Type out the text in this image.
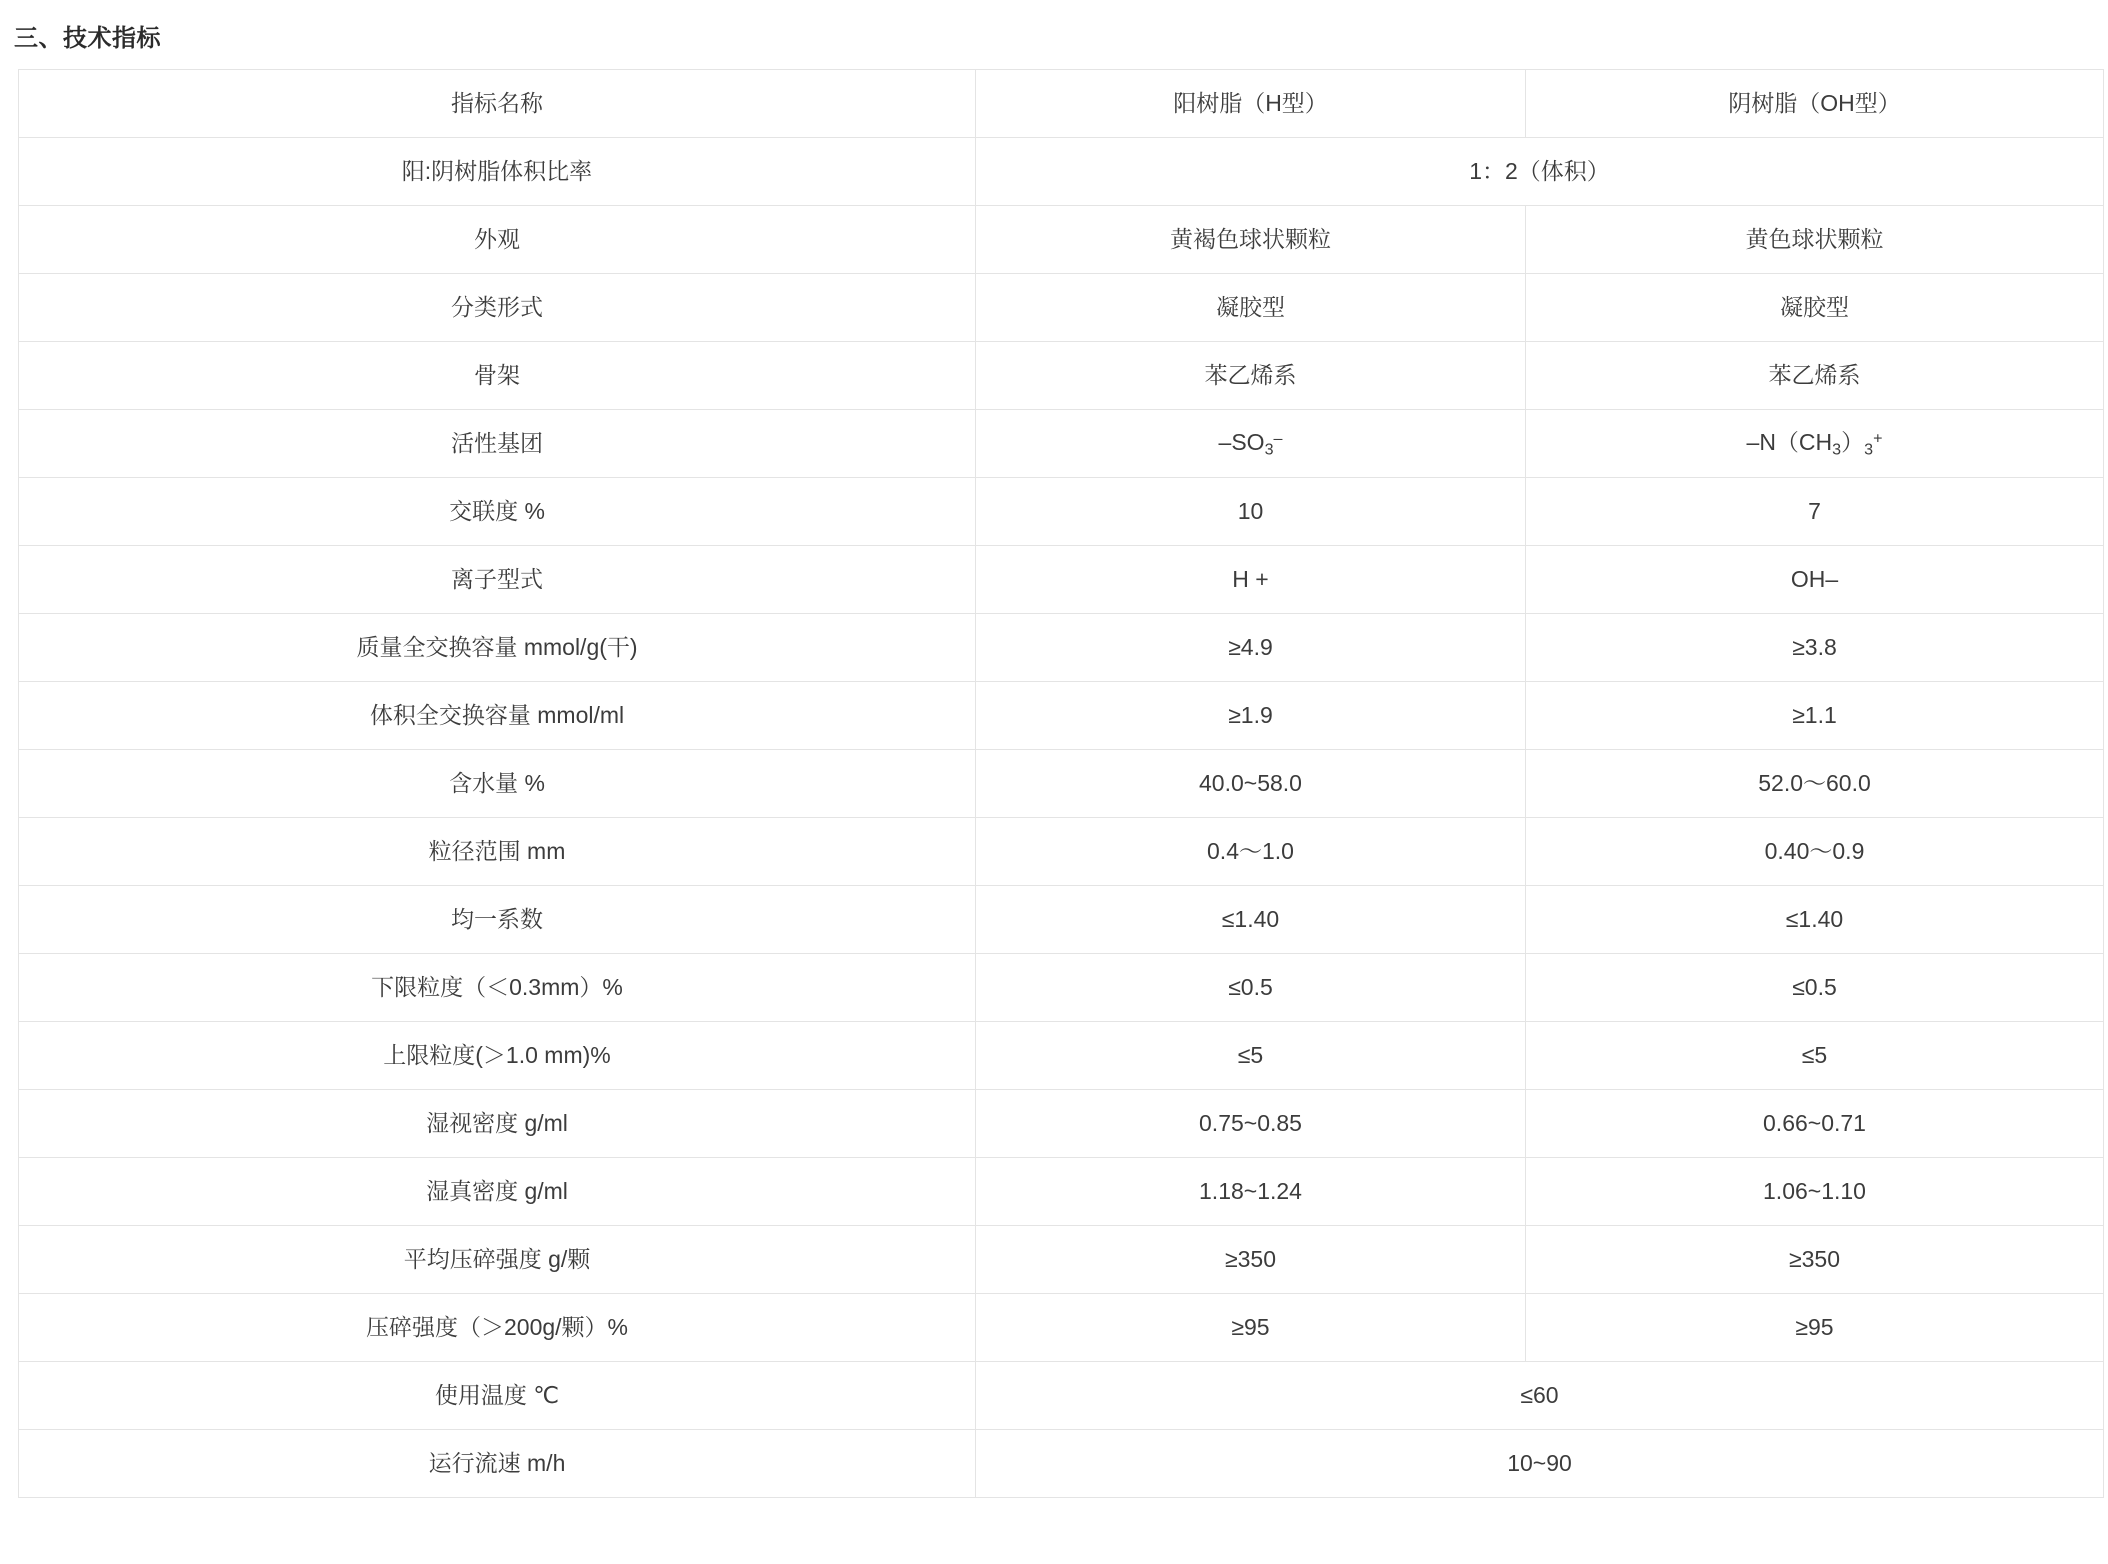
三、技术指标
指标名称	阳树脂（H型）	阴树脂（OH型）
阳:阴树脂体积比率	1：2（体积）	
外观	黄褐色球状颗粒	黄色球状颗粒
分类形式	凝胶型	凝胶型
骨架	苯乙烯系	苯乙烯系
活性基团	$-SO_3^-$	$-N(CH_3)_3^+$
交联度 %	10	7
离子型式	H +	OH–
质量全交换容量 mmol/g(干)	≥4.9	≥3.8
体积全交换容量 mmol/ml	≥1.9	≥1.1
含水量 %	40.0~58.0	52.0～60.0
粒径范围 mm	0.4～1.0	0.40～0.9
均一系数	≤1.40	≤1.40
下限粒度（＜0.3mm）%	≤0.5	≤0.5
上限粒度(＞1.0 mm)%	≤5	≤5
湿视密度 g/ml	0.75~0.85	0.66~0.71
湿真密度 g/ml	1.18~1.24	1.06~1.10
平均压碎强度 g/颗	≥350	≥350
压碎强度（＞200g/颗）%	≥95	≥95
使用温度 ℃	≤60	
运行流速 m/h	10~90	
